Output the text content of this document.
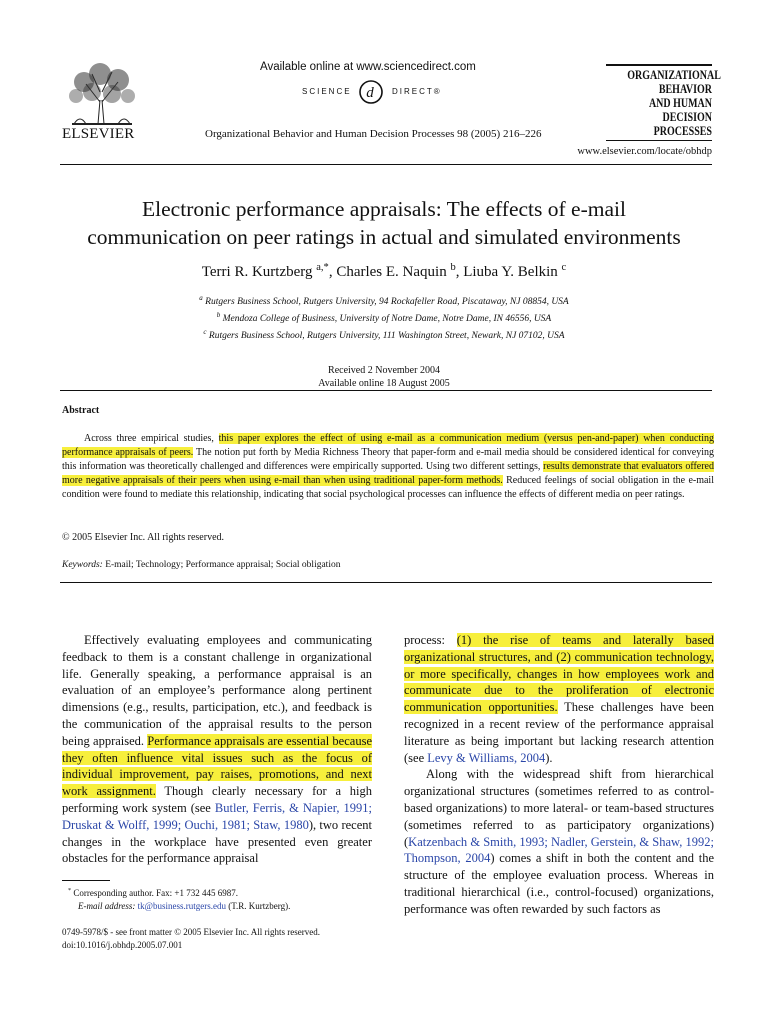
ELSEVIER
Available online at www.sciencedirect.com
SCIENCE d DIRECT®
Organizational Behavior and Human Decision Processes 98 (2005) 216–226
ORGANIZATIONAL
BEHAVIOR
AND HUMAN
DECISION PROCESSES
www.elsevier.com/locate/obhdp
Electronic performance appraisals: The effects of e-mail
communication on peer ratings in actual and simulated environments
Terri R. Kurtzberg $^{a,*}$, Charles E. Naquin $^b$, Liuba Y. Belkin $^c$
$^a$ Rutgers Business School, Rutgers University, 94 Rockafeller Road, Piscataway, NJ 08854, USA
$^b$ Mendoza College of Business, University of Notre Dame, Notre Dame, IN 46556, USA
$^c$ Rutgers Business School, Rutgers University, 111 Washington Street, Newark, NJ 07102, USA
Received 2 November 2004
Available online 18 August 2005
Abstract
Across three empirical studies, this paper explores the effect of using e-mail as a communication medium (versus pen-and-paper) when conducting performance appraisals of peers. The notion put forth by Media Richness Theory that paper-form and e-mail media should be considered identical for conveying this information was theoretically challenged and differences were empirically supported. Using two different settings, results demonstrate that evaluators offered more negative appraisals of their peers when using e-mail than when using traditional paper-form methods. Reduced feelings of social obligation in the e-mail condition were found to mediate this relationship, indicating that social psychological processes can influence the effects of different media on peer ratings.
© 2005 Elsevier Inc. All rights reserved.
Keywords: E-mail; Technology; Performance appraisal; Social obligation
Effectively evaluating employees and communicating feedback to them is a constant challenge in organizational life. Generally speaking, a performance appraisal is an evaluation of an employee’s performance along pertinent dimensions (e.g., results, participation, etc.), and feedback is the communication of the appraisal results to the person being appraised. Performance appraisals are essential because they often influence vital issues such as the focus of individual improvement, pay raises, promotions, and next work assignment. Though clearly necessary for a high performing work system (see Butler, Ferris, & Napier, 1991; Druskat & Wolff, 1999; Ouchi, 1981; Staw, 1980), two recent changes in the workplace have presented even greater obstacles for the performance appraisal
process: (1) the rise of teams and laterally based organizational structures, and (2) communication technology, or more specifically, changes in how employees work and communicate due to the proliferation of electronic communication opportunities. These challenges have been recognized in a recent review of the performance appraisal literature as being important but lacking research attention (see Levy & Williams, 2004).
Along with the widespread shift from hierarchical organizational structures (sometimes referred to as control-based organizations) to more lateral- or team-based structures (sometimes referred to as participatory organizations) (Katzenbach & Smith, 1993; Nadler, Gerstein, & Shaw, 1992; Thompson, 2004) comes a shift in both the content and the structure of the employee evaluation process. Whereas in traditional hierarchical (i.e., control-focused) organizations, performance was often rewarded by such factors as
* Corresponding author. Fax: +1 732 445 6987.
E-mail address: tk@business.rutgers.edu (T.R. Kurtzberg).
0749-5978/$ - see front matter © 2005 Elsevier Inc. All rights reserved.
doi:10.1016/j.obhdp.2005.07.001
